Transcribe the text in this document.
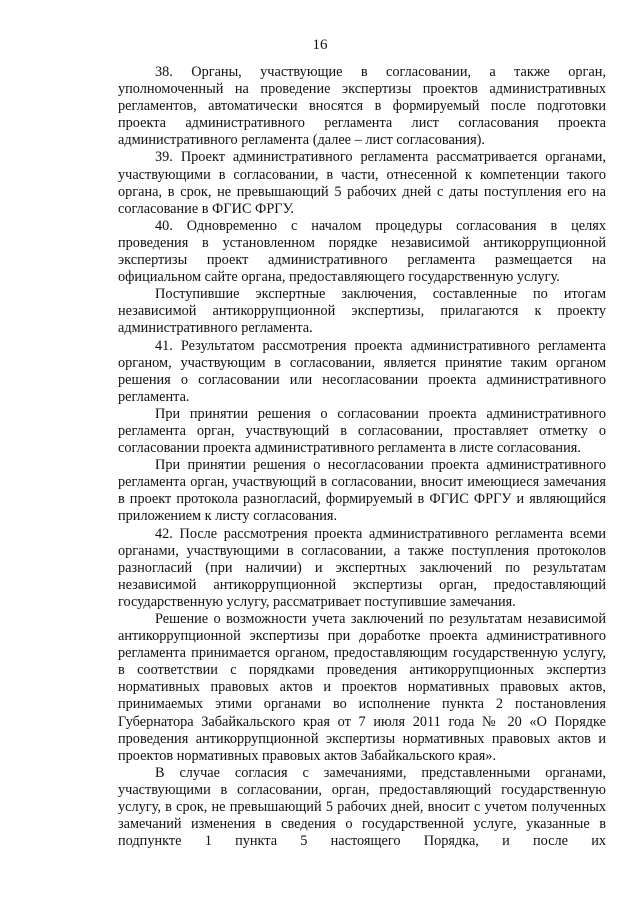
16

38. Органы, участвующие в согласовании, а также орган, уполномоченный на проведение экспертизы проектов административных регламентов, автоматически вносятся в формируемый после подготовки проекта административного регламента лист согласования проекта административного регламента (далее – лист согласования).

39. Проект административного регламента рассматривается органами, участвующими в согласовании, в части, отнесенной к компетенции такого органа, в срок, не превышающий 5 рабочих дней с даты поступления его на согласование в ФГИС ФРГУ.

40. Одновременно с началом процедуры согласования в целях проведения в установленном порядке независимой антикоррупционной экспертизы проект административного регламента размещается на официальном сайте органа, предоставляющего государственную услугу.

Поступившие экспертные заключения, составленные по итогам независимой антикоррупционной экспертизы, прилагаются к проекту административного регламента.

41. Результатом рассмотрения проекта административного регламента органом, участвующим в согласовании, является принятие таким органом решения о согласовании или несогласовании проекта административного регламента.

При принятии решения о согласовании проекта административного регламента орган, участвующий в согласовании, проставляет отметку о согласовании проекта административного регламента в листе согласования.

При принятии решения о несогласовании проекта административного регламента орган, участвующий в согласовании, вносит имеющиеся замечания в проект протокола разногласий, формируемый в ФГИС ФРГУ и являющийся приложением к листу согласования.

42. После рассмотрения проекта административного регламента всеми органами, участвующими в согласовании, а также поступления протоколов разногласий (при наличии) и экспертных заключений по результатам независимой антикоррупционной экспертизы орган, предоставляющий государственную услугу, рассматривает поступившие замечания.

Решение о возможности учета заключений по результатам независимой антикоррупционной экспертизы при доработке проекта административного регламента принимается органом, предоставляющим государственную услугу, в соответствии с порядками проведения антикоррупционных экспертиз нормативных правовых актов и проектов нормативных правовых актов, принимаемых этими органами во исполнение пункта 2 постановления Губернатора Забайкальского края от 7 июля 2011 года № 20 «О Порядке проведения антикоррупционной экспертизы нормативных правовых актов и проектов нормативных правовых актов Забайкальского края».

В случае согласия с замечаниями, представленными органами, участвующими в согласовании, орган, предоставляющий государственную услугу, в срок, не превышающий 5 рабочих дней, вносит с учетом полученных замечаний изменения в сведения о государственной услуге, указанные в подпункте 1 пункта 5 настоящего Порядка, и после их
